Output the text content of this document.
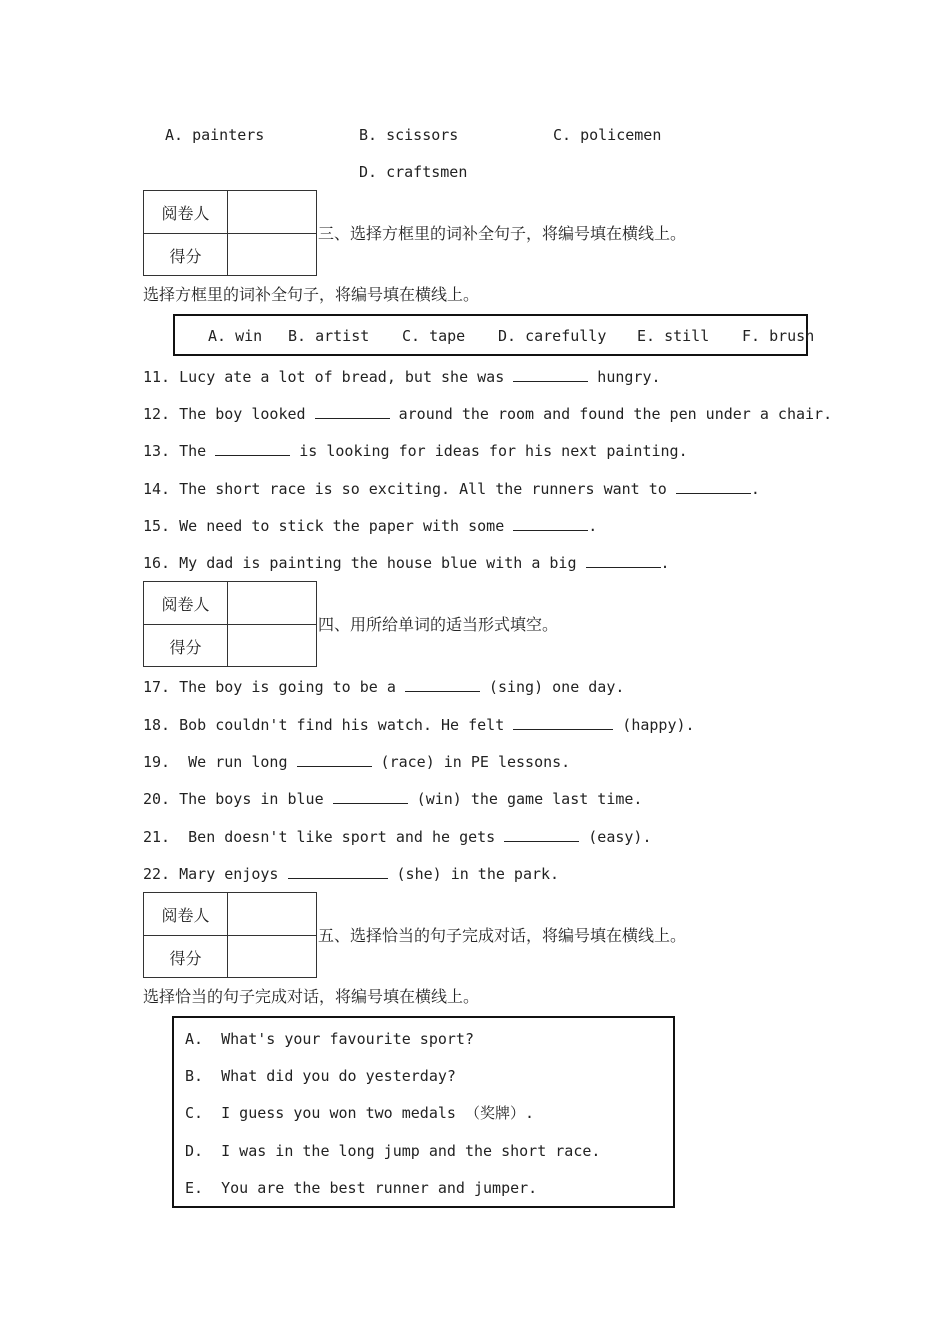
A. painters	B. scissors	C. policemen
D. craftsmen
阅卷人
得分
三、选择方框里的词补全句子，将编号填在横线上。
选择方框里的词补全句子，将编号填在横线上。
A. win B. artist C. tape D. carefully E. still F. brush
11. Lucy ate a lot of bread, but she was	hungry.
12. The boy looked	around the room and found the pen under a chair.
13. The	is looking for ideas for his next painting.
14. The short race is so exciting. All the runners want to	.
15. We need to stick the paper with some	.
16. My dad is painting the house blue with a big	.
阅卷人
得分
四、用所给单词的适当形式填空。
17. The boy is going to be a	(sing) one day.
18. Bob couldn't find his watch. He felt	(happy).
19.  We run long	(race) in PE lessons.
20. The boys in blue	(win) the game last time.
21.  Ben doesn't like sport and he gets	(easy).
22. Mary enjoys	(she) in the park.
阅卷人
得分
五、选择恰当的句子完成对话，将编号填在横线上。
选择恰当的句子完成对话，将编号填在横线上。
A.  What's your favourite sport?
B.  What did you do yesterday?
C.  I guess you won two medals （奖牌）.
D.  I was in the long jump and the short race.
E.  You are the best runner and jumper.
